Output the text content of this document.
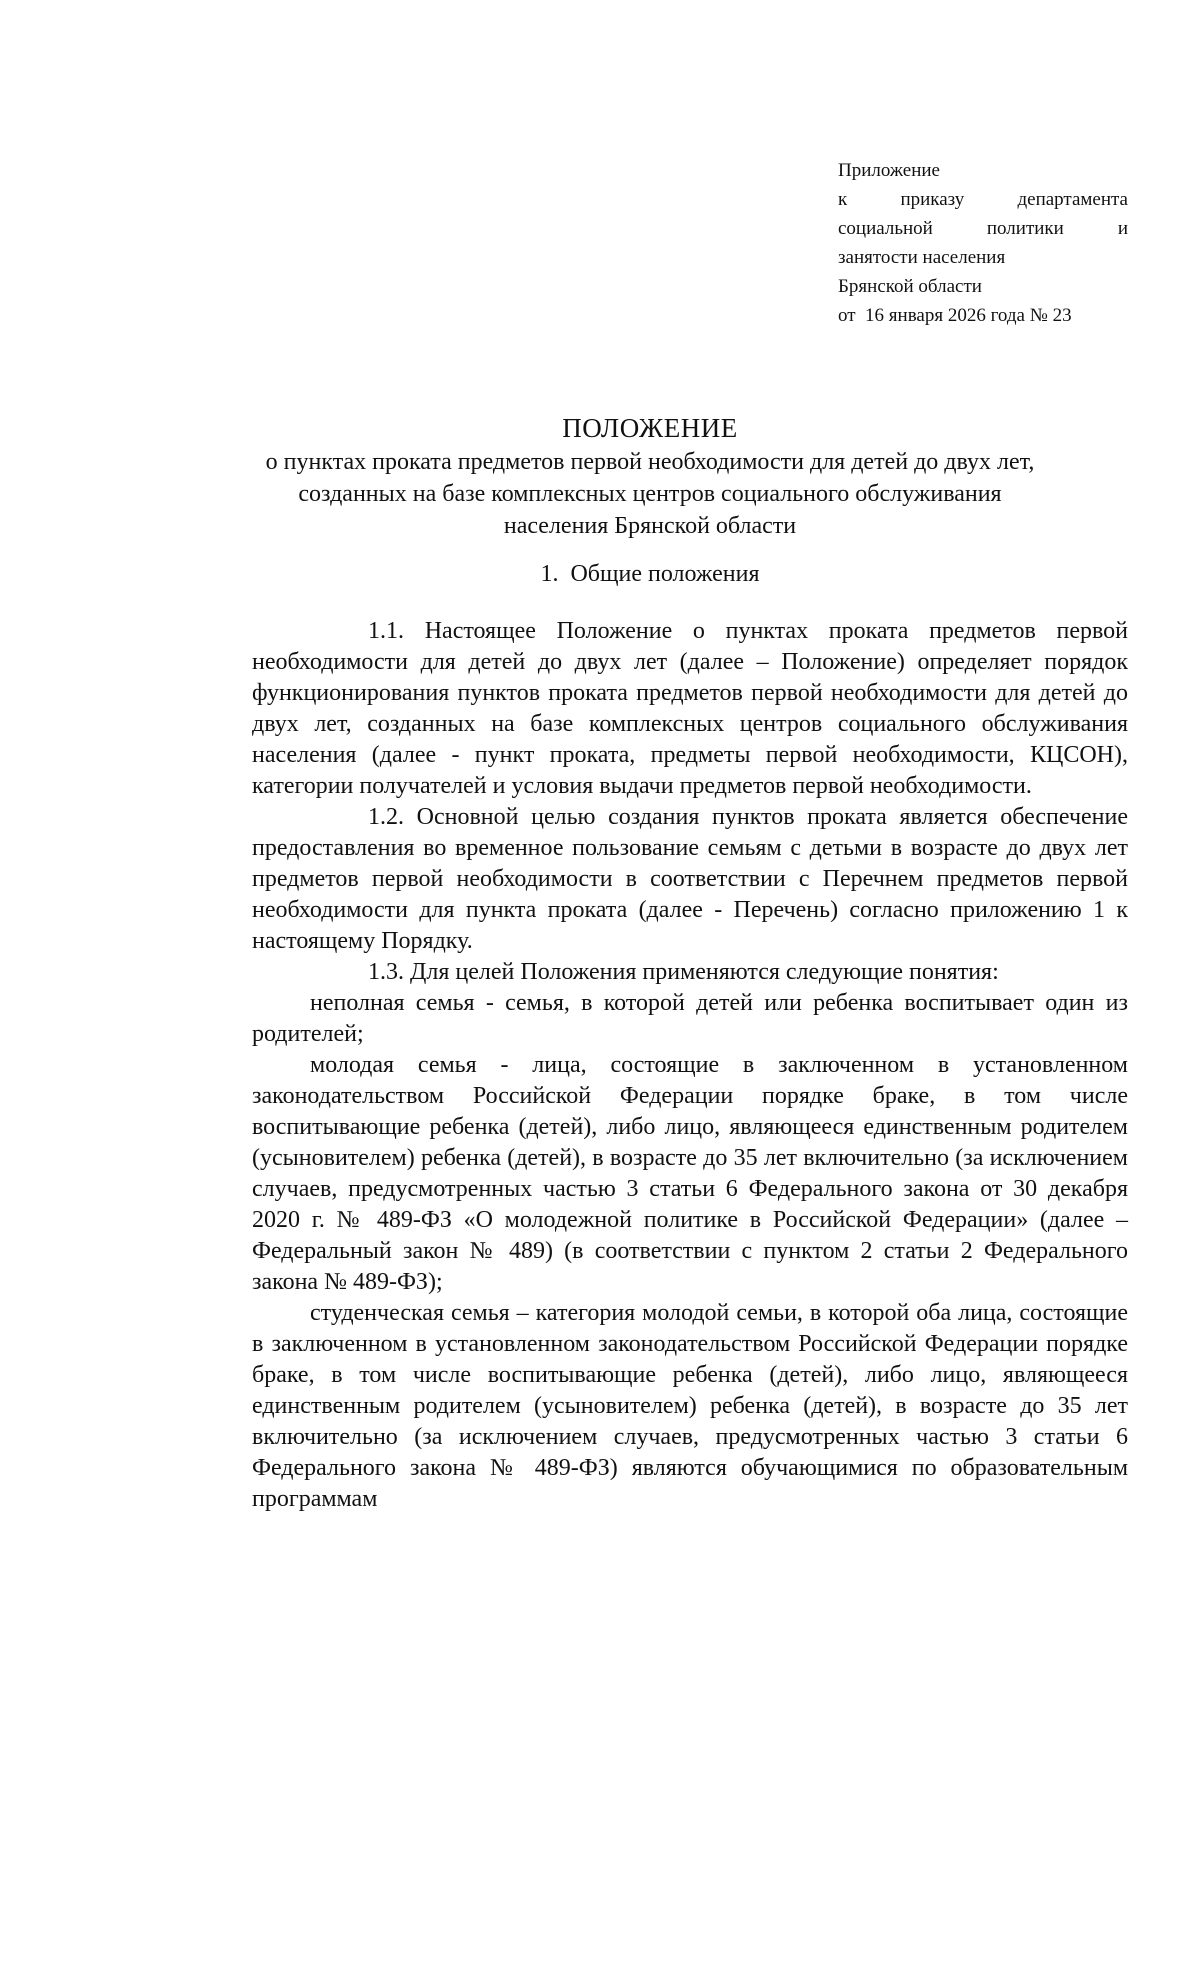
Приложение
к	приказу	департамента
социальной	политики	и
занятости населения
Брянской области
от  16 января 2026 года № 23
ПОЛОЖЕНИЕ
о пунктах проката предметов первой необходимости для детей до двух лет,
созданных на базе комплексных центров социального обслуживания
населения Брянской области
1.  Общие положения

1.1. Настоящее Положение о пунктах проката предметов первой необходимости для детей до двух лет (далее – Положение) определяет порядок функционирования пунктов проката предметов первой необходимости для детей до двух лет, созданных на базе комплексных центров социального обслуживания населения (далее - пункт проката, предметы первой необходимости, КЦСОН), категории получателей и условия выдачи предметов первой необходимости.

1.2. Основной целью создания пунктов проката является обеспечение предоставления во временное пользование семьям с детьми в возрасте до двух лет предметов первой необходимости в соответствии с Перечнем предметов первой необходимости для пункта проката (далее - Перечень) согласно приложению 1 к настоящему Порядку.

1.3. Для целей Положения применяются следующие понятия:

неполная семья - семья, в которой детей или ребенка воспитывает один из родителей;

молодая семья - лица, состоящие в заключенном в установленном законодательством Российской Федерации порядке браке, в том числе воспитывающие ребенка (детей), либо лицо, являющееся единственным родителем (усыновителем) ребенка (детей), в возрасте до 35 лет включительно (за исключением случаев, предусмотренных частью 3 статьи 6 Федерального закона от 30 декабря 2020 г. № 489-ФЗ «О молодежной политике в Российской Федерации» (далее – Федеральный закон № 489) (в соответствии с пунктом 2 статьи 2 Федерального закона № 489-ФЗ);

студенческая семья – категория молодой семьи, в которой оба лица, состоящие в заключенном в установленном законодательством Российской Федерации порядке браке, в том числе воспитывающие ребенка (детей), либо лицо, являющееся единственным родителем (усыновителем) ребенка (детей), в возрасте до 35 лет включительно (за исключением случаев, предусмотренных частью 3 статьи 6 Федерального закона № 489-ФЗ) являются обучающимися по образовательным программам
